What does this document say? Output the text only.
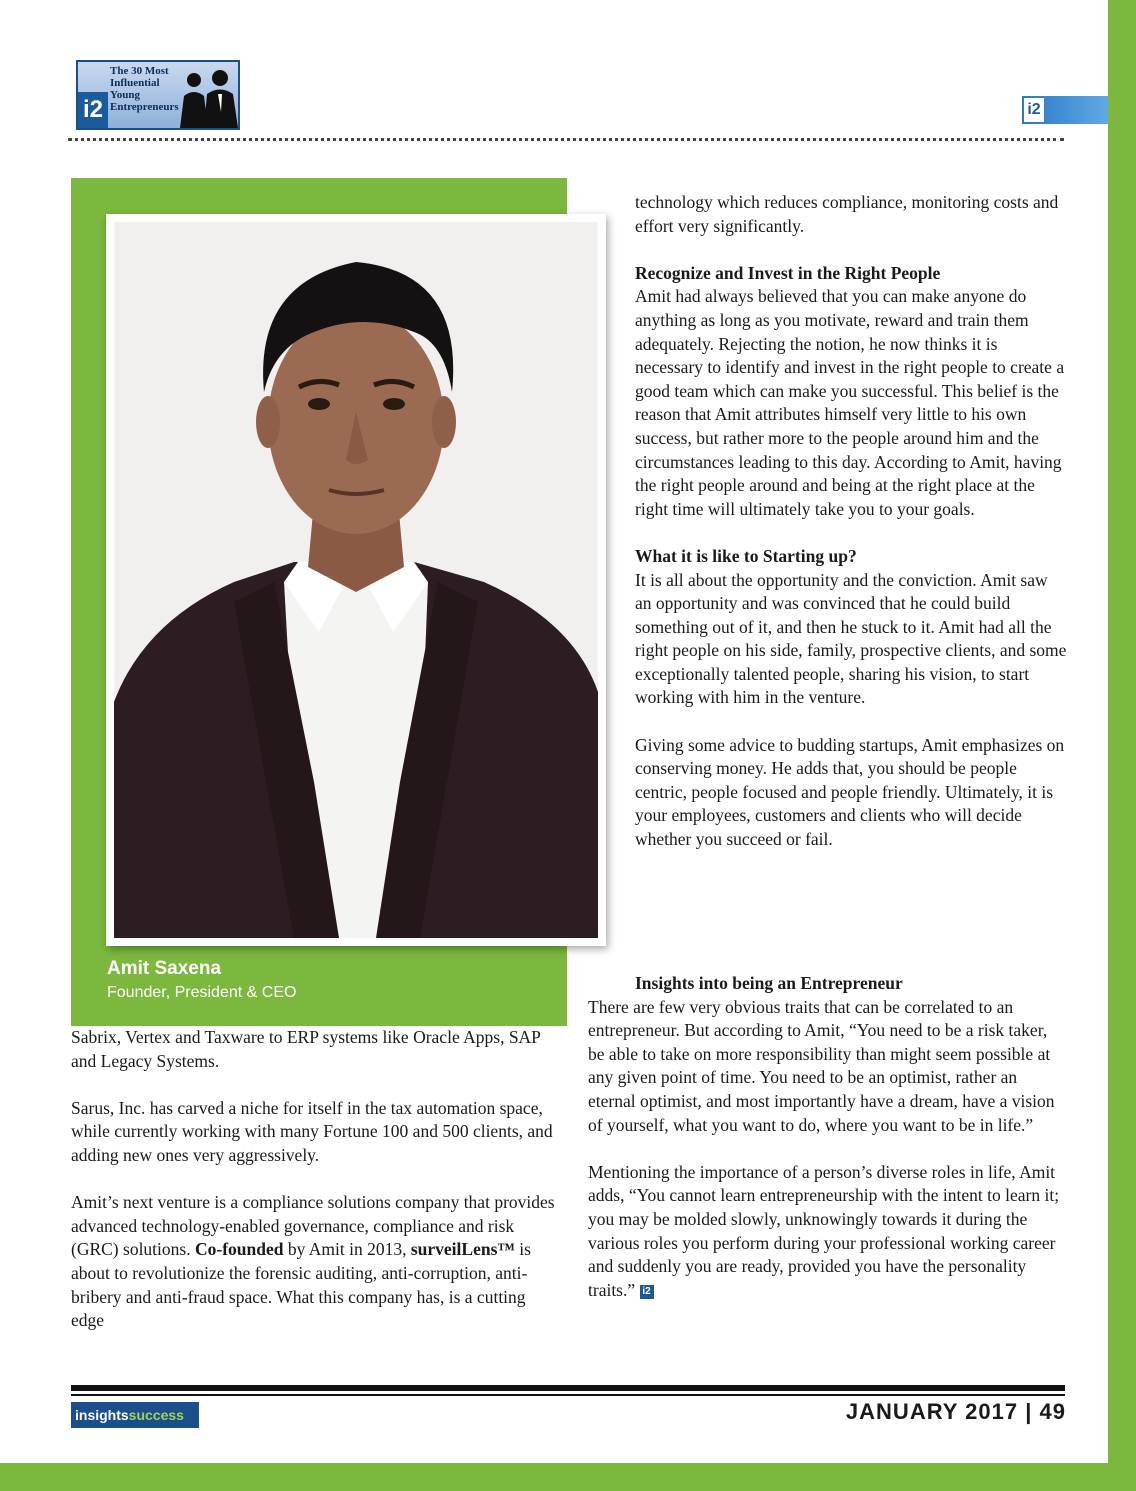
i2
The 30 Most
Influential
Young
Entrepreneurs	i2
Amit Saxena
Founder, President & CEO

Sabrix, Vertex and Taxware to ERP systems like Oracle Apps, SAP and Legacy Systems.

Sarus, Inc. has carved a niche for itself in the tax automation space, while currently working with many Fortune 100 and 500 clients, and adding new ones very aggressively.

Amit’s next venture is a compliance solutions company that provides advanced technology-enabled governance, compliance and risk (GRC) solutions. Co-founded by Amit in 2013, surveilLens™ is about to revolutionize the forensic auditing, anti-corruption, anti-bribery and anti-fraud space. What this company has, is a cutting edge

technology which reduces compliance, monitoring costs and effort very significantly.

Recognize and Invest in the Right People

Amit had always believed that you can make anyone do anything as long as you motivate, reward and train them adequately. Rejecting the notion, he now thinks it is necessary to identify and invest in the right people to create a good team which can make you successful. This belief is the reason that Amit attributes himself very little to his own success, but rather more to the people around him and the circumstances leading to this day. According to Amit, having the right people around and being at the right place at the right time will ultimately take you to your goals.

What it is like to Starting up?

It is all about the opportunity and the conviction. Amit saw an opportunity and was convinced that he could build something out of it, and then he stuck to it. Amit had all the right people on his side, family, prospective clients, and some exceptionally talented people, sharing his vision, to start working with him in the venture.

Giving some advice to budding startups, Amit emphasizes on conserving money. He adds that, you should be people centric, people focused and people friendly. Ultimately, it is your employees, customers and clients who will decide whether you succeed or fail.

Insights into being an Entrepreneur

There are few very obvious traits that can be correlated to an entrepreneur. But according to Amit, “You need to be a risk taker, be able to take on more responsibility than might seem possible at any given point of time. You need to be an optimist, rather an eternal optimist, and most importantly have a dream, have a vision of yourself, what you want to do, where you want to be in life.”

Mentioning the importance of a person’s diverse roles in life, Amit adds, “You cannot learn entrepreneurship with the intent to learn it; you may be molded slowly, unknowingly towards it during the various roles you perform during your professional working career and suddenly you are ready, provided you have the personality traits.” i2

insightssuccess	JANUARY 2017 | 49
